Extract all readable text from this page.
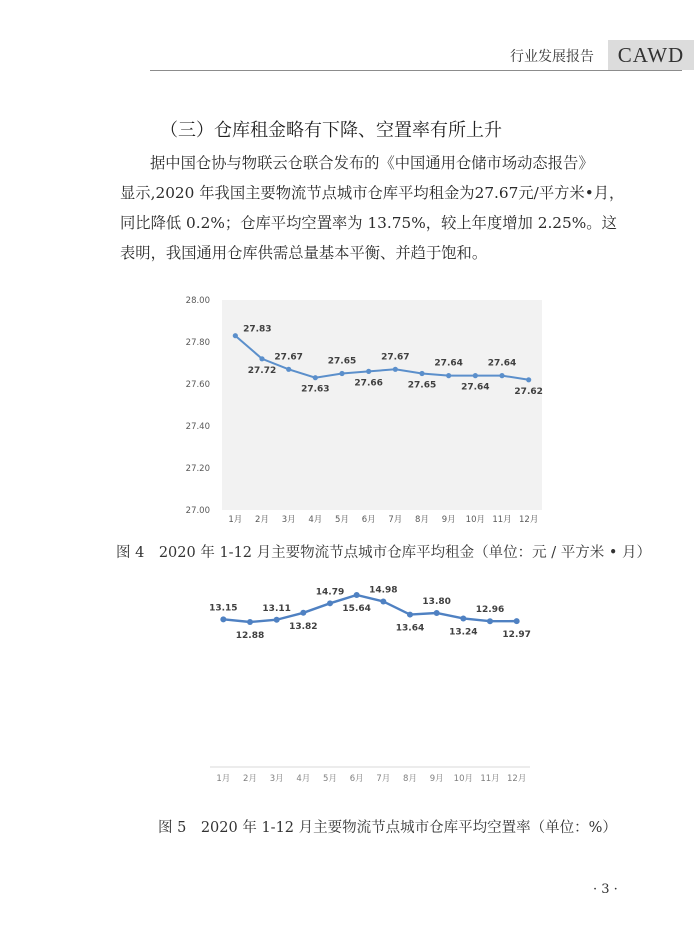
行业发展报告	CAWD
（三）仓库租金略有下降、空置率有所上升

据中国仓协与物联云仓联合发布的《中国通用仓储市场动态报告》

显示,2020 年我国主要物流节点城市仓库平均租金为27.67元/平方米•月，

同比降低 0.2%；仓库平均空置率为 13.75%，较上年度增加 2.25%。这

表明，我国通用仓库供需总量基本平衡、并趋于饱和。

28.00
27.80
27.60
27.40
27.20
27.00
1月 2月 3月 4月 5月 6月 7月 8月 9月 10月 11月 12月
27.83
27.72
27.67
27.63
27.65
27.66
27.67
27.65
27.64
27.64
27.64
27.62
图 4　2020 年 1-12 月主要物流节点城市仓库平均租金（单位：元 / 平方米 • 月）
1月 2月 3月 4月 5月 6月 7月 8月 9月 10月 11月 12月
13.15
12.88
13.11
13.82
14.79
15.64
14.98
13.64
13.80
13.24
12.96
12.97
图 5　2020 年 1-12 月主要物流节点城市仓库平均空置率（单位：%）
· 3 ·
